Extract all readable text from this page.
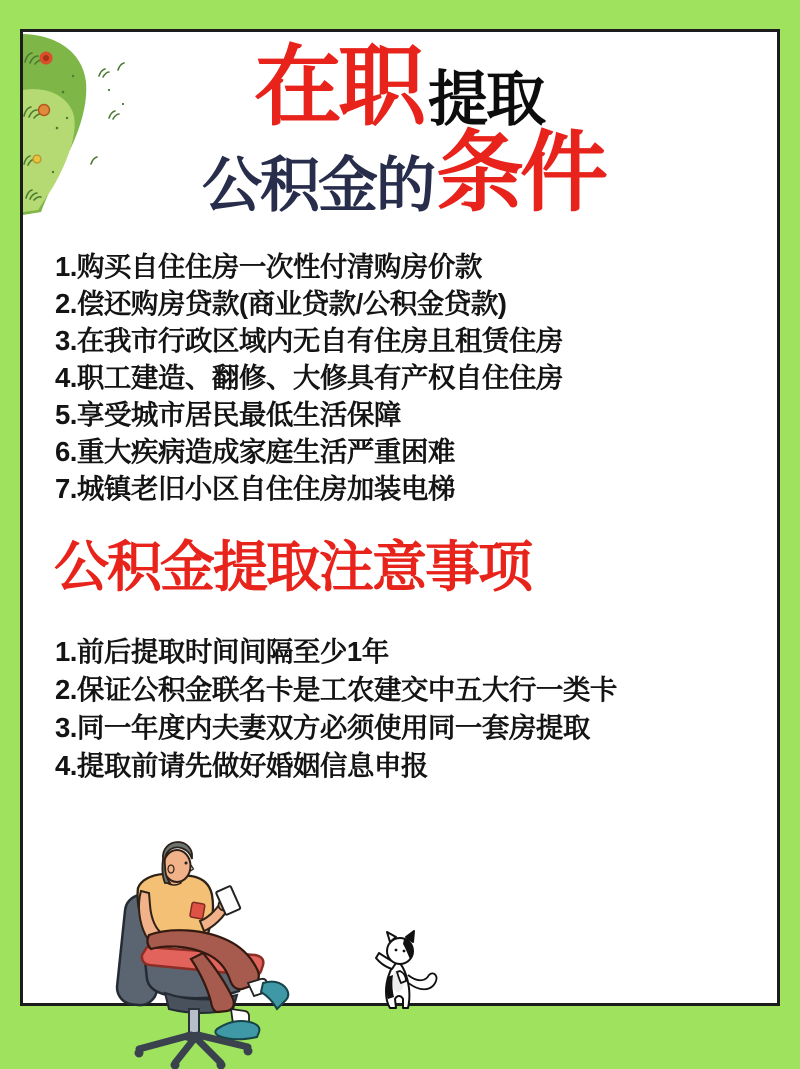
在职 提取
公积金的 条件
1.购买自住住房一次性付清购房价款
2.偿还购房贷款(商业贷款/公积金贷款)
3.在我市行政区域内无自有住房且租赁住房
4.职工建造、翻修、大修具有产权自住住房
5.享受城市居民最低生活保障
6.重大疾病造成家庭生活严重困难
7.城镇老旧小区自住住房加装电梯
公积金提取注意事项
1.前后提取时间间隔至少1年
2.保证公积金联名卡是工农建交中五大行一类卡
3.同一年度内夫妻双方必须使用同一套房提取
4.提取前请先做好婚姻信息申报
